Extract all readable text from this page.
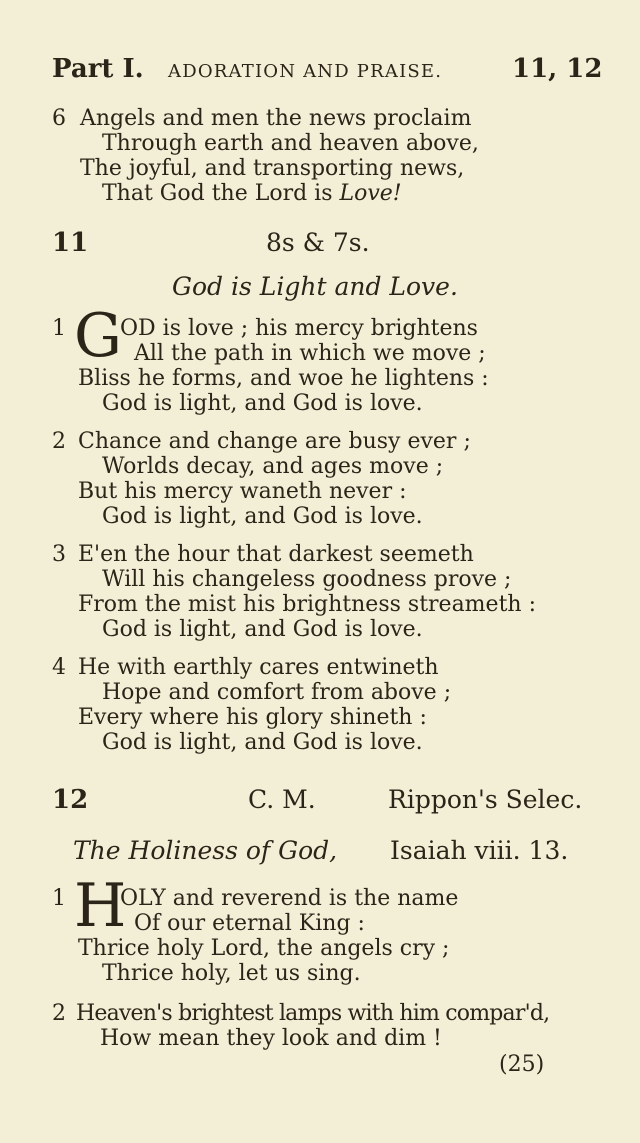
Part I. ADORATION AND PRAISE.	11, 12
6 Angels and men the news proclaim
Through earth and heaven above,
The joyful, and transporting news,
That God the Lord is Love!
11	8s & 7s.
God is Light and Love.
1 G
OD is love ; his mercy brightens
All the path in which we move ;
Bliss he forms, and woe he lightens :
God is light, and God is love.
2 Chance and change are busy ever ;
Worlds decay, and ages move ;
But his mercy waneth never :
God is light, and God is love.
3 E'en the hour that darkest seemeth
Will his changeless goodness prove ;
From the mist his brightness streameth :
God is light, and God is love.
4 He with earthly cares entwineth
Hope and comfort from above ;
Every where his glory shineth :
God is light, and God is love.
12	C. M.	Rippon's Selec.
The Holiness of God, Isaiah viii. 13.
1 H
OLY and reverend is the name
Of our eternal King :
Thrice holy Lord, the angels cry ;
Thrice holy, let us sing.
2 Heaven's brightest lamps with him compar'd,
How mean they look and dim !
(25)
